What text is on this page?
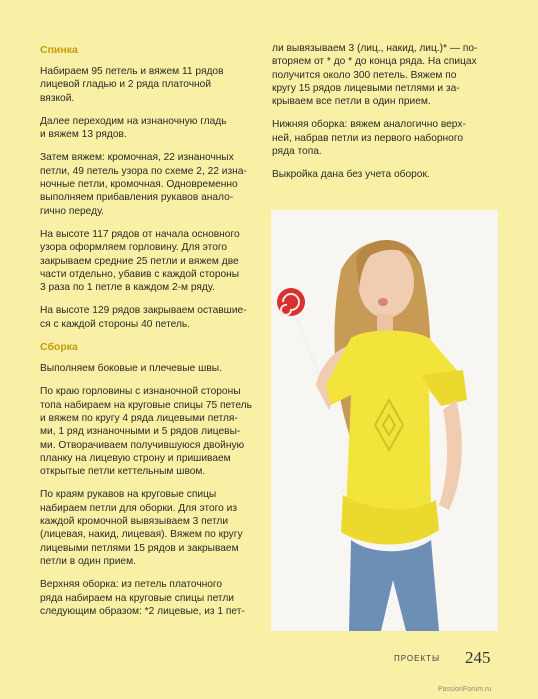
Спинка

Набираем 95 петель и вяжем 11 рядов
лицевой гладью и 2 ряда платочной
вязкой.

Далее переходим на изнаночную гладь
и вяжем 13 рядов.

Затем вяжем: кромочная, 22 изнаночных
петли, 49 петель узора по схеме 2, 22 изна-
ночные петли, кромочная. Одновременно
выполняем прибавления рукавов анало-
гично переду.

На высоте 117 рядов от начала основного
узора оформляем горловину. Для этого
закрываем средние 25 петли и вяжем две
части отдельно, убавив с каждой стороны
3 раза по 1 петле в каждом 2-м ряду.

На высоте 129 рядов закрываем оставшие-
ся с каждой стороны 40 петель.

Сборка

Выполняем боковые и плечевые швы.

По краю горловины с изнаночной стороны
топа набираем на круговые спицы 75 петель
и вяжем по кругу 4 ряда лицевыми петля-
ми, 1 ряд изнаночными и 5 рядов лицевы-
ми. Отворачиваем получившуюся двойную
планку на лицевую строну и пришиваем
открытые петли кеттельным швом.

По краям рукавов на круговые спицы
набираем петли для оборки. Для этого из
каждой кромочной вывязываем 3 петли
(лицевая, накид, лицевая). Вяжем по кругу
лицевыми петлями 15 рядов и закрываем
петли в один прием.

Верхняя оборка: из петель платочного
ряда набираем на круговые спицы петли
следующим образом: *2 лицевые, из 1 пет-

ли вывязываем 3 (лиц., накид, лиц.)* — по-
вторяем от * до * до конца ряда. На спицах
получится около 300 петель. Вяжем по
кругу 15 рядов лицевыми петлями и за-
крываем все петли в один прием.

Нижняя оборка: вяжем аналогично верх-
ней, набрав петли из первого наборного
ряда топа.

Выкройка дана без учета оборок.

ПРОЕКТЫ 245
PassionForum.ru
